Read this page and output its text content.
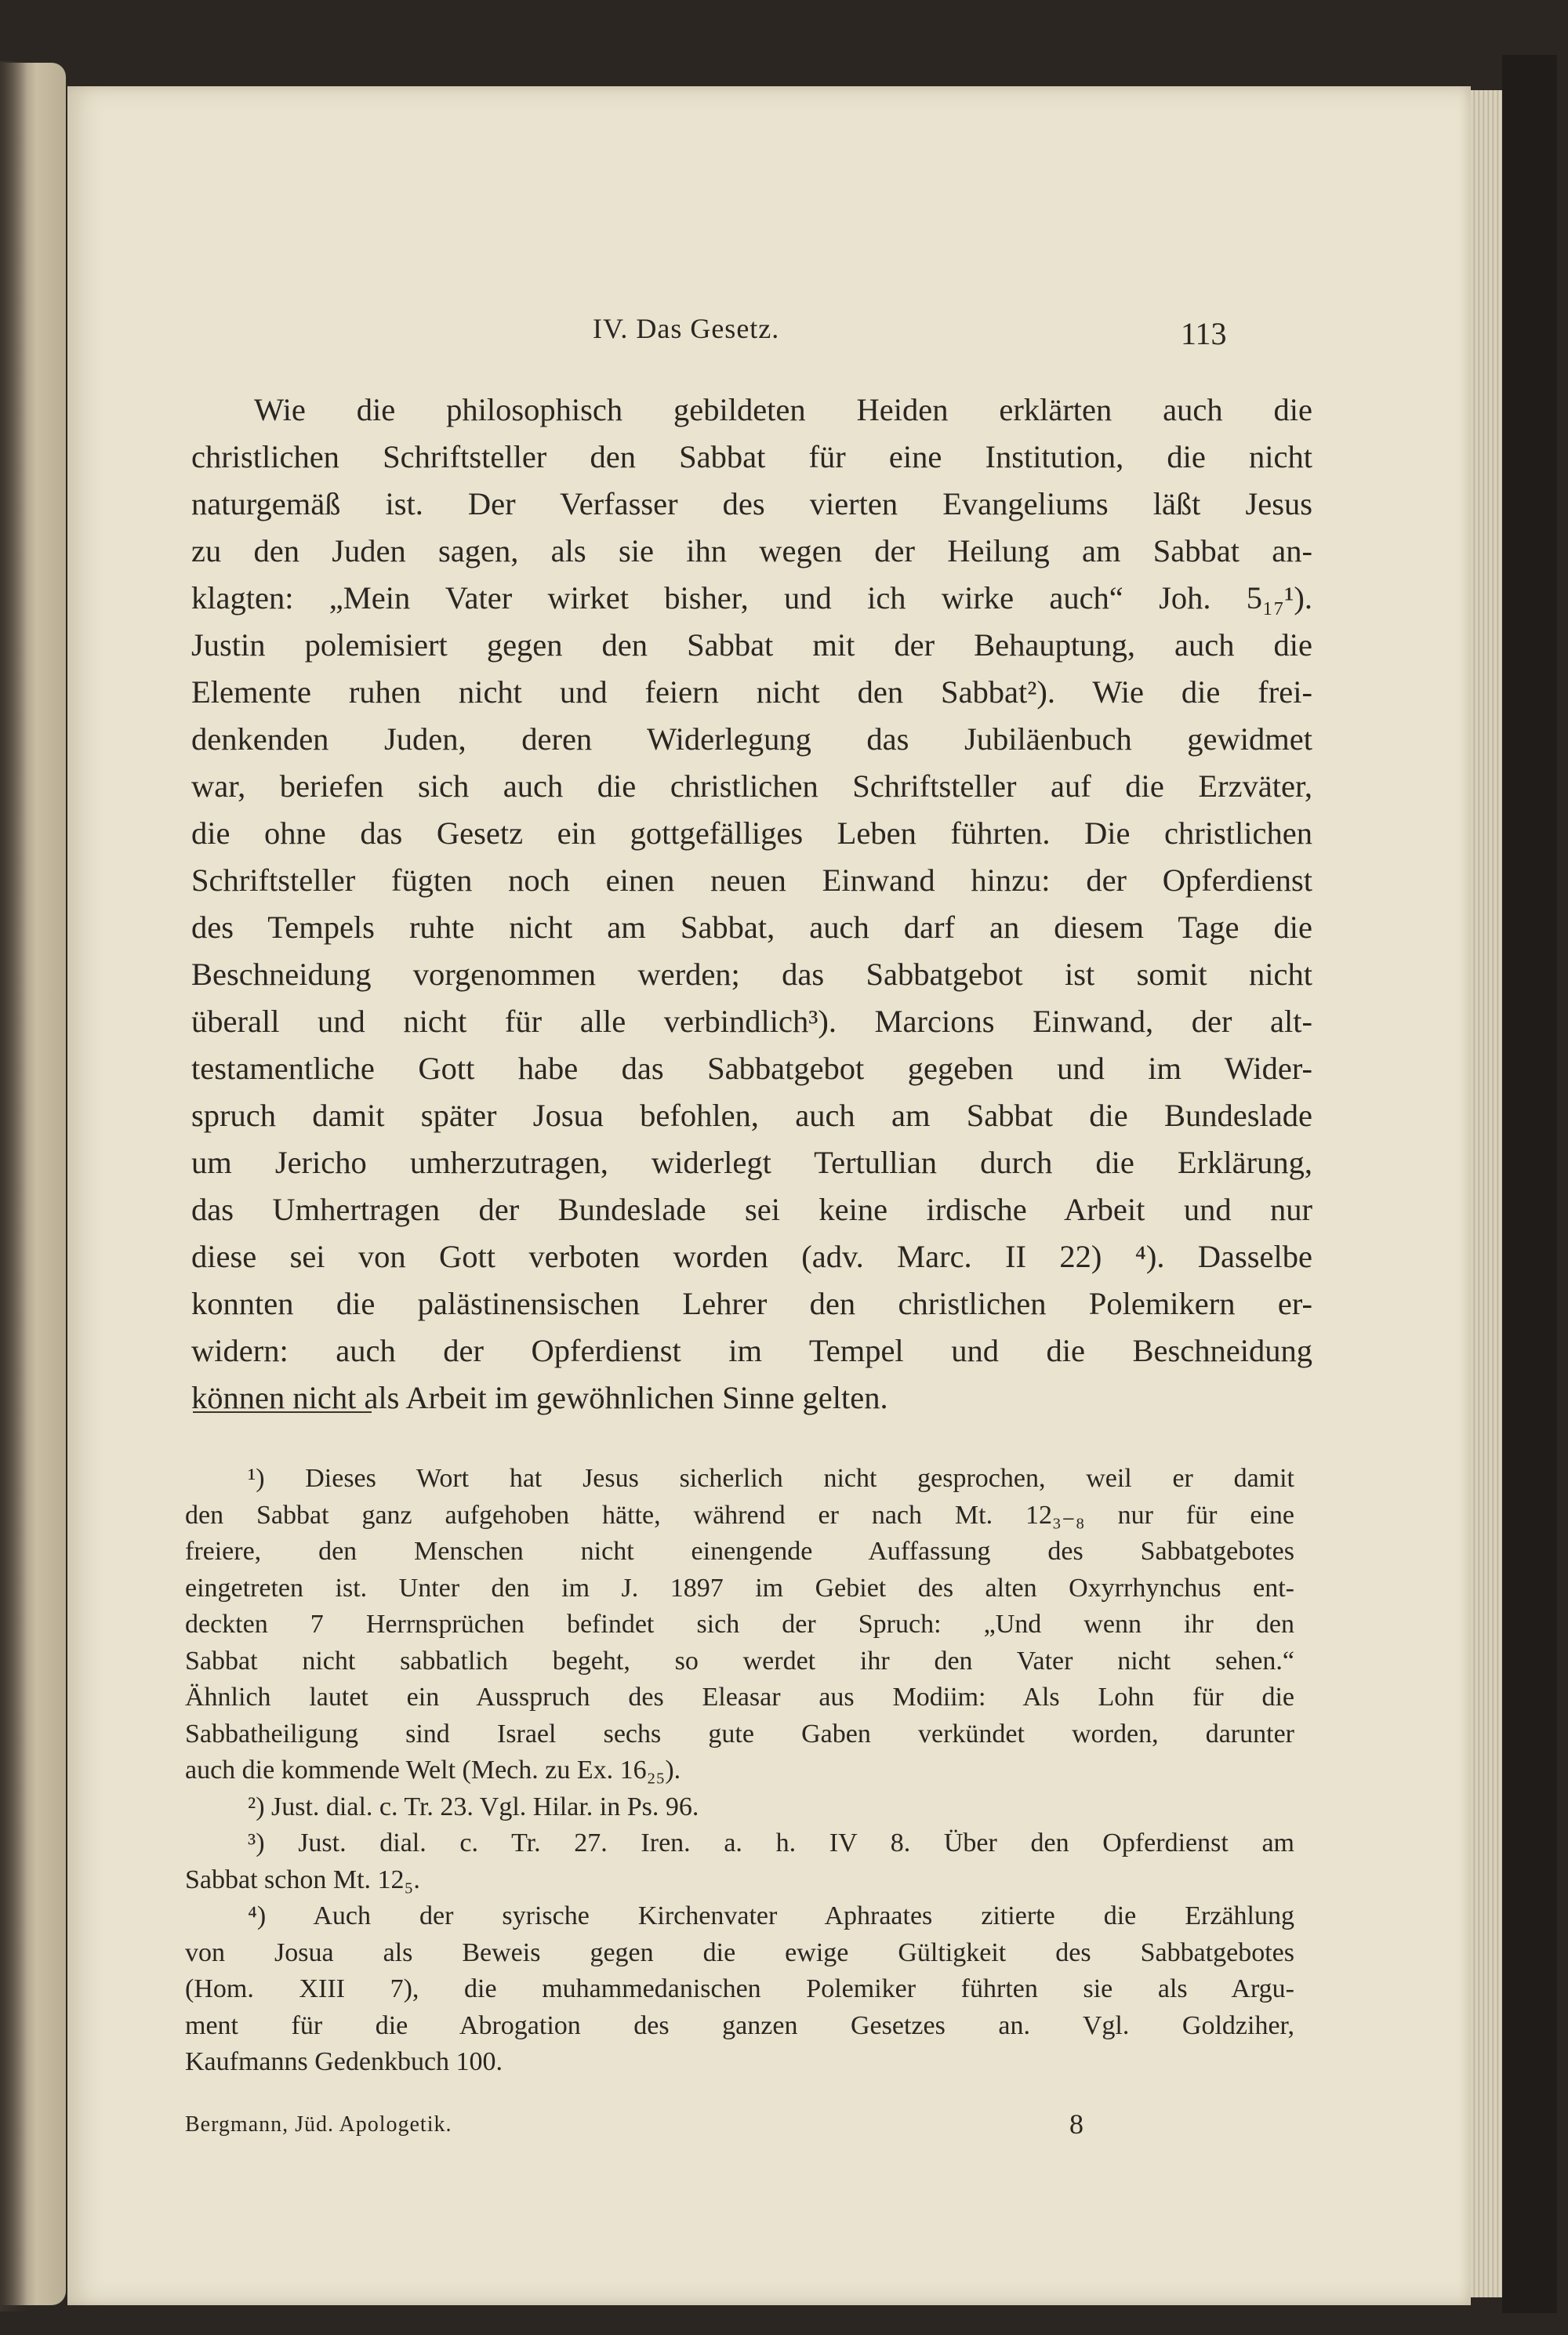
IV. Das Gesetz.	113
Wie die philosophisch gebildeten Heiden erklärten auch die
christlichen Schriftsteller den Sabbat für eine Institution, die nicht
naturgemäß ist. Der Verfasser des vierten Evangeliums läßt Jesus
zu den Juden sagen, als sie ihn wegen der Heilung am Sabbat an-
klagten: „Mein Vater wirket bisher, und ich wirke auch“ Joh. 5₁₇¹).
Justin polemisiert gegen den Sabbat mit der Behauptung, auch die
Elemente ruhen nicht und feiern nicht den Sabbat²). Wie die frei-
denkenden Juden, deren Widerlegung das Jubiläenbuch gewidmet
war, beriefen sich auch die christlichen Schriftsteller auf die Erzväter,
die ohne das Gesetz ein gottgefälliges Leben führten. Die christlichen
Schriftsteller fügten noch einen neuen Einwand hinzu: der Opferdienst
des Tempels ruhte nicht am Sabbat, auch darf an diesem Tage die
Beschneidung vorgenommen werden; das Sabbatgebot ist somit nicht
überall und nicht für alle verbindlich³). Marcions Einwand, der alt-
testamentliche Gott habe das Sabbatgebot gegeben und im Wider-
spruch damit später Josua befohlen, auch am Sabbat die Bundeslade
um Jericho umherzutragen, widerlegt Tertullian durch die Erklärung,
das Umhertragen der Bundeslade sei keine irdische Arbeit und nur
diese sei von Gott verboten worden (adv. Marc. II 22) ⁴). Dasselbe
konnten die palästinensischen Lehrer den christlichen Polemikern er-
widern: auch der Opferdienst im Tempel und die Beschneidung
können nicht als Arbeit im gewöhnlichen Sinne gelten.
¹) Dieses Wort hat Jesus sicherlich nicht gesprochen, weil er damit
den Sabbat ganz aufgehoben hätte, während er nach Mt. 12₃₋₈ nur für eine
freiere, den Menschen nicht einengende Auffassung des Sabbatgebotes
eingetreten ist. Unter den im J. 1897 im Gebiet des alten Oxyrrhynchus ent-
deckten 7 Herrnsprüchen befindet sich der Spruch: „Und wenn ihr den
Sabbat nicht sabbatlich begeht, so werdet ihr den Vater nicht sehen.“
Ähnlich lautet ein Ausspruch des Eleasar aus Modiim: Als Lohn für die
Sabbatheiligung sind Israel sechs gute Gaben verkündet worden, darunter
auch die kommende Welt (Mech. zu Ex. 16₂₅).
²) Just. dial. c. Tr. 23. Vgl. Hilar. in Ps. 96.
³) Just. dial. c. Tr. 27. Iren. a. h. IV 8. Über den Opferdienst am
Sabbat schon Mt. 12₅.
⁴) Auch der syrische Kirchenvater Aphraates zitierte die Erzählung
von Josua als Beweis gegen die ewige Gültigkeit des Sabbatgebotes
(Hom. XIII 7), die muhammedanischen Polemiker führten sie als Argu-
ment für die Abrogation des ganzen Gesetzes an. Vgl. Goldziher,
Kaufmanns Gedenkbuch 100.
Bergmann, Jüd. Apologetik.	8
